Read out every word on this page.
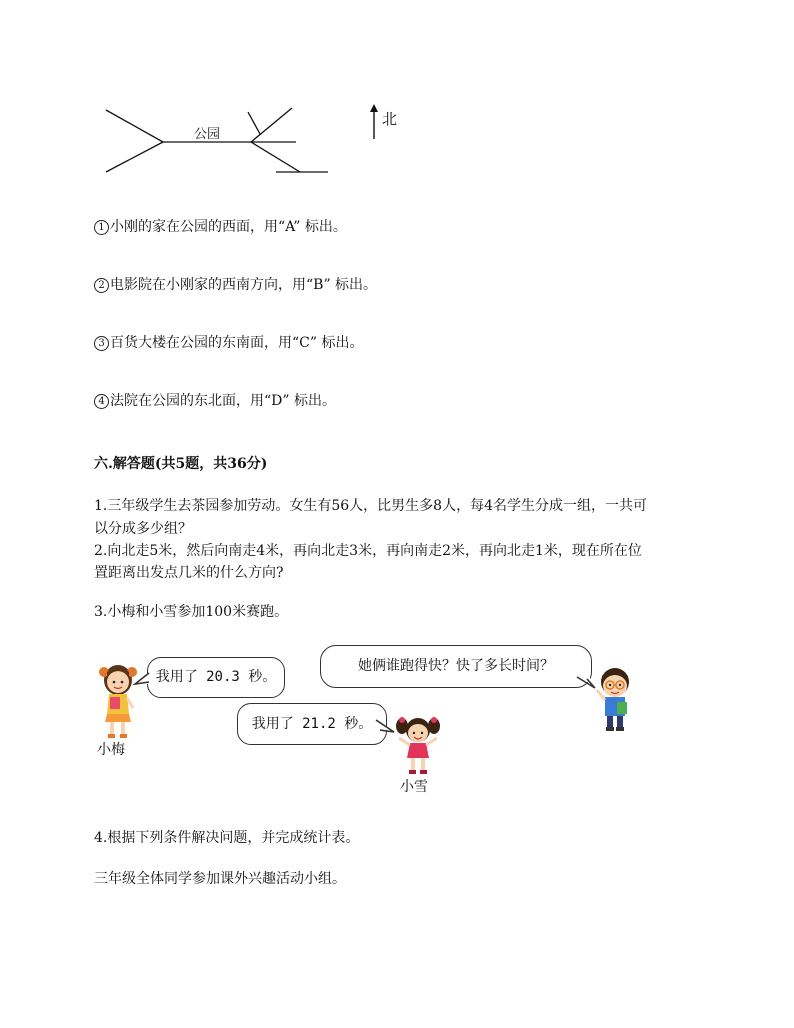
公园
北
1 小刚的家在公园的西面，用“A” 标出。
2 电影院在小刚家的西南方向，用“B” 标出。
3 百货大楼在公园的东南面，用“C” 标出。
4 法院在公园的东北面，用“D” 标出。
六.解答题(共5题，共36分)
1.三年级学生去茶园参加劳动。女生有56人，比男生多8人，每4名学生分成一组，一共可
以分成多少组？
2.向北走5米，然后向南走4米，再向北走3米，再向南走2米，再向北走1米，现在所在位
置距离出发点几米的什么方向?
3.小梅和小雪参加100米赛跑。
我用了 20.3 秒。
她俩谁跑得快？快了多长时间？
我用了 21.2 秒。
小梅
小雪
4.根据下列条件解决问题，并完成统计表。
三年级全体同学参加课外兴趣活动小组。
